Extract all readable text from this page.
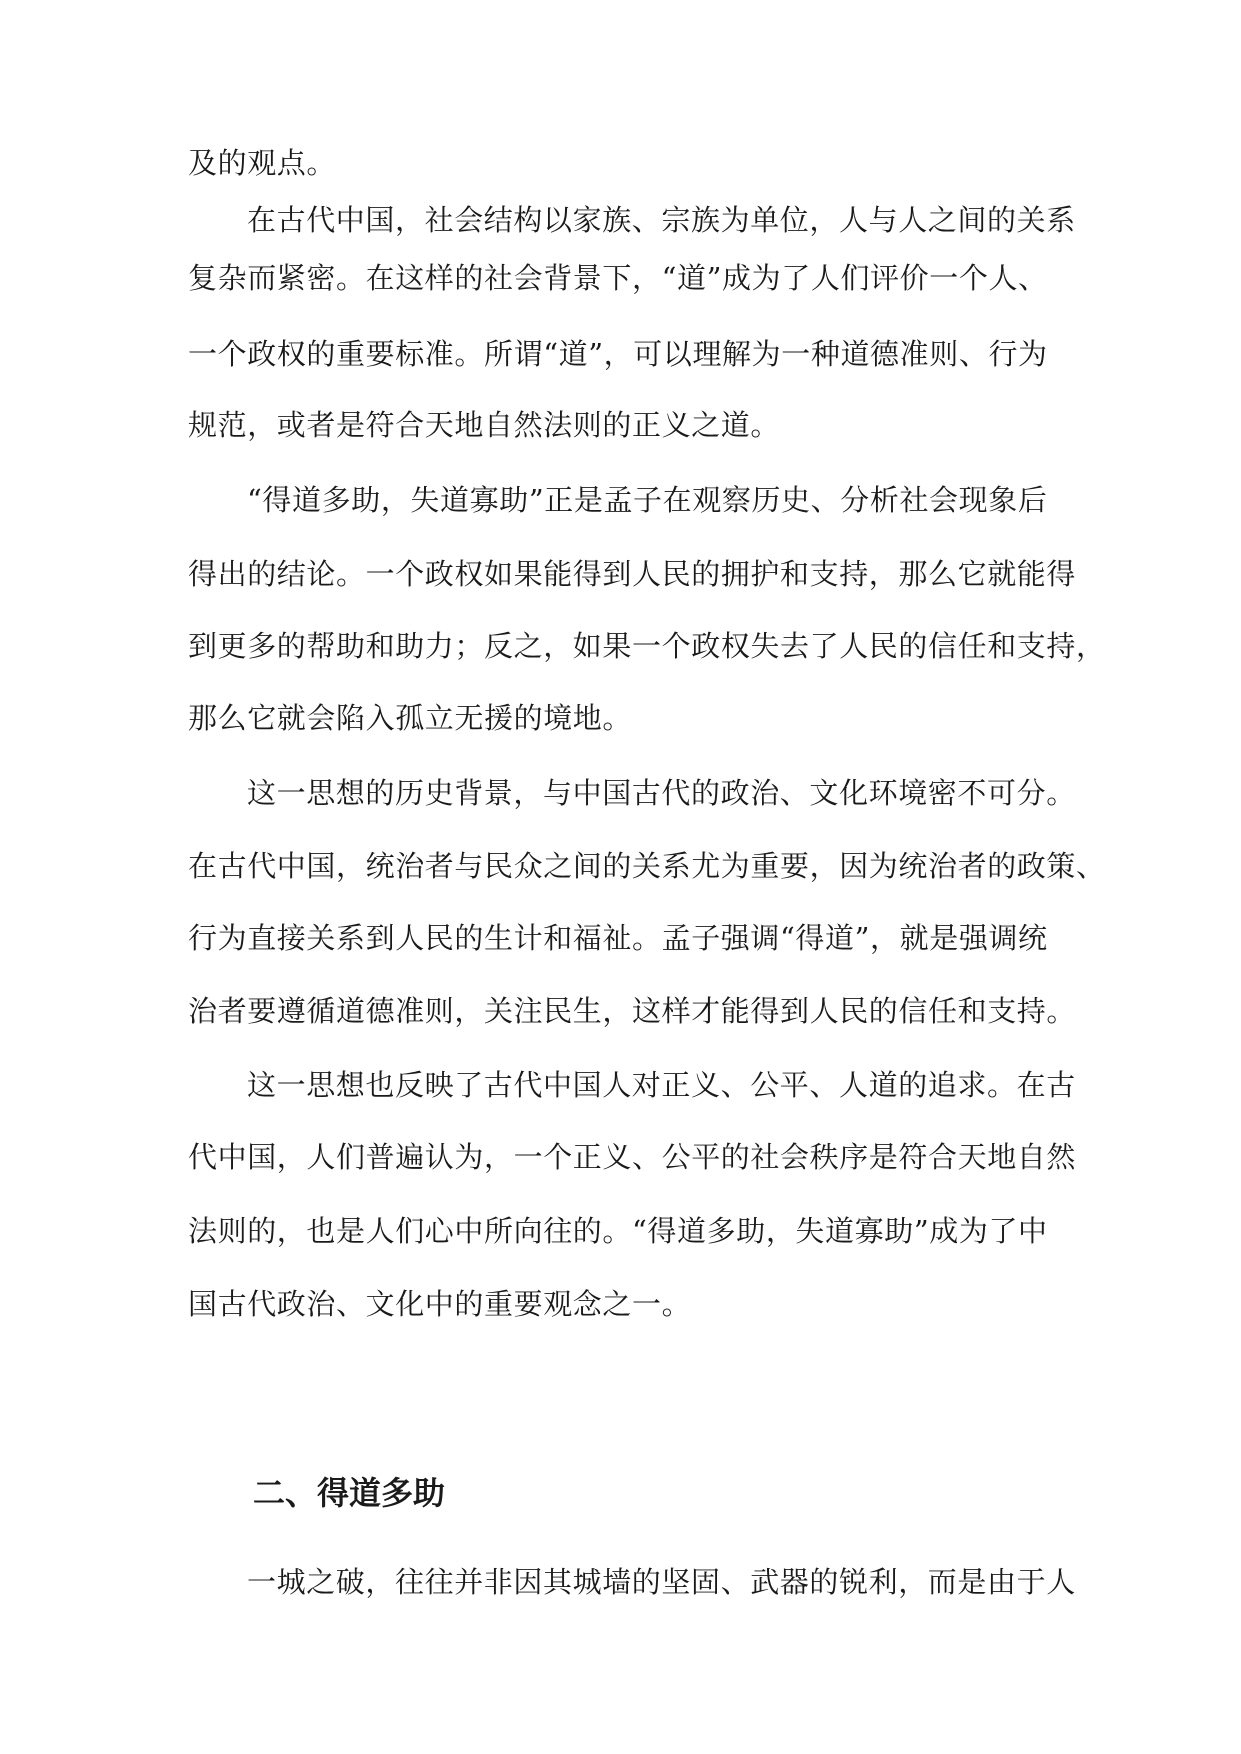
及的观点。
在古代中国，社会结构以家族、宗族为单位，人与人之间的关系
复杂而紧密。在这样的社会背景下，“道”成为了人们评价一个人、
一个政权的重要标准。所谓“道”，可以理解为一种道德准则、行为
规范，或者是符合天地自然法则的正义之道。
“得道多助，失道寡助”正是孟子在观察历史、分析社会现象后
得出的结论。一个政权如果能得到人民的拥护和支持，那么它就能得
到更多的帮助和助力；反之，如果一个政权失去了人民的信任和支持，
那么它就会陷入孤立无援的境地。
这一思想的历史背景，与中国古代的政治、文化环境密不可分。
在古代中国，统治者与民众之间的关系尤为重要，因为统治者的政策、
行为直接关系到人民的生计和福祉。孟子强调“得道”，就是强调统
治者要遵循道德准则，关注民生，这样才能得到人民的信任和支持。
这一思想也反映了古代中国人对正义、公平、人道的追求。在古
代中国，人们普遍认为，一个正义、公平的社会秩序是符合天地自然
法则的，也是人们心中所向往的。“得道多助，失道寡助”成为了中
国古代政治、文化中的重要观念之一。
二、得道多助
一城之破，往往并非因其城墙的坚固、武器的锐利，而是由于人
